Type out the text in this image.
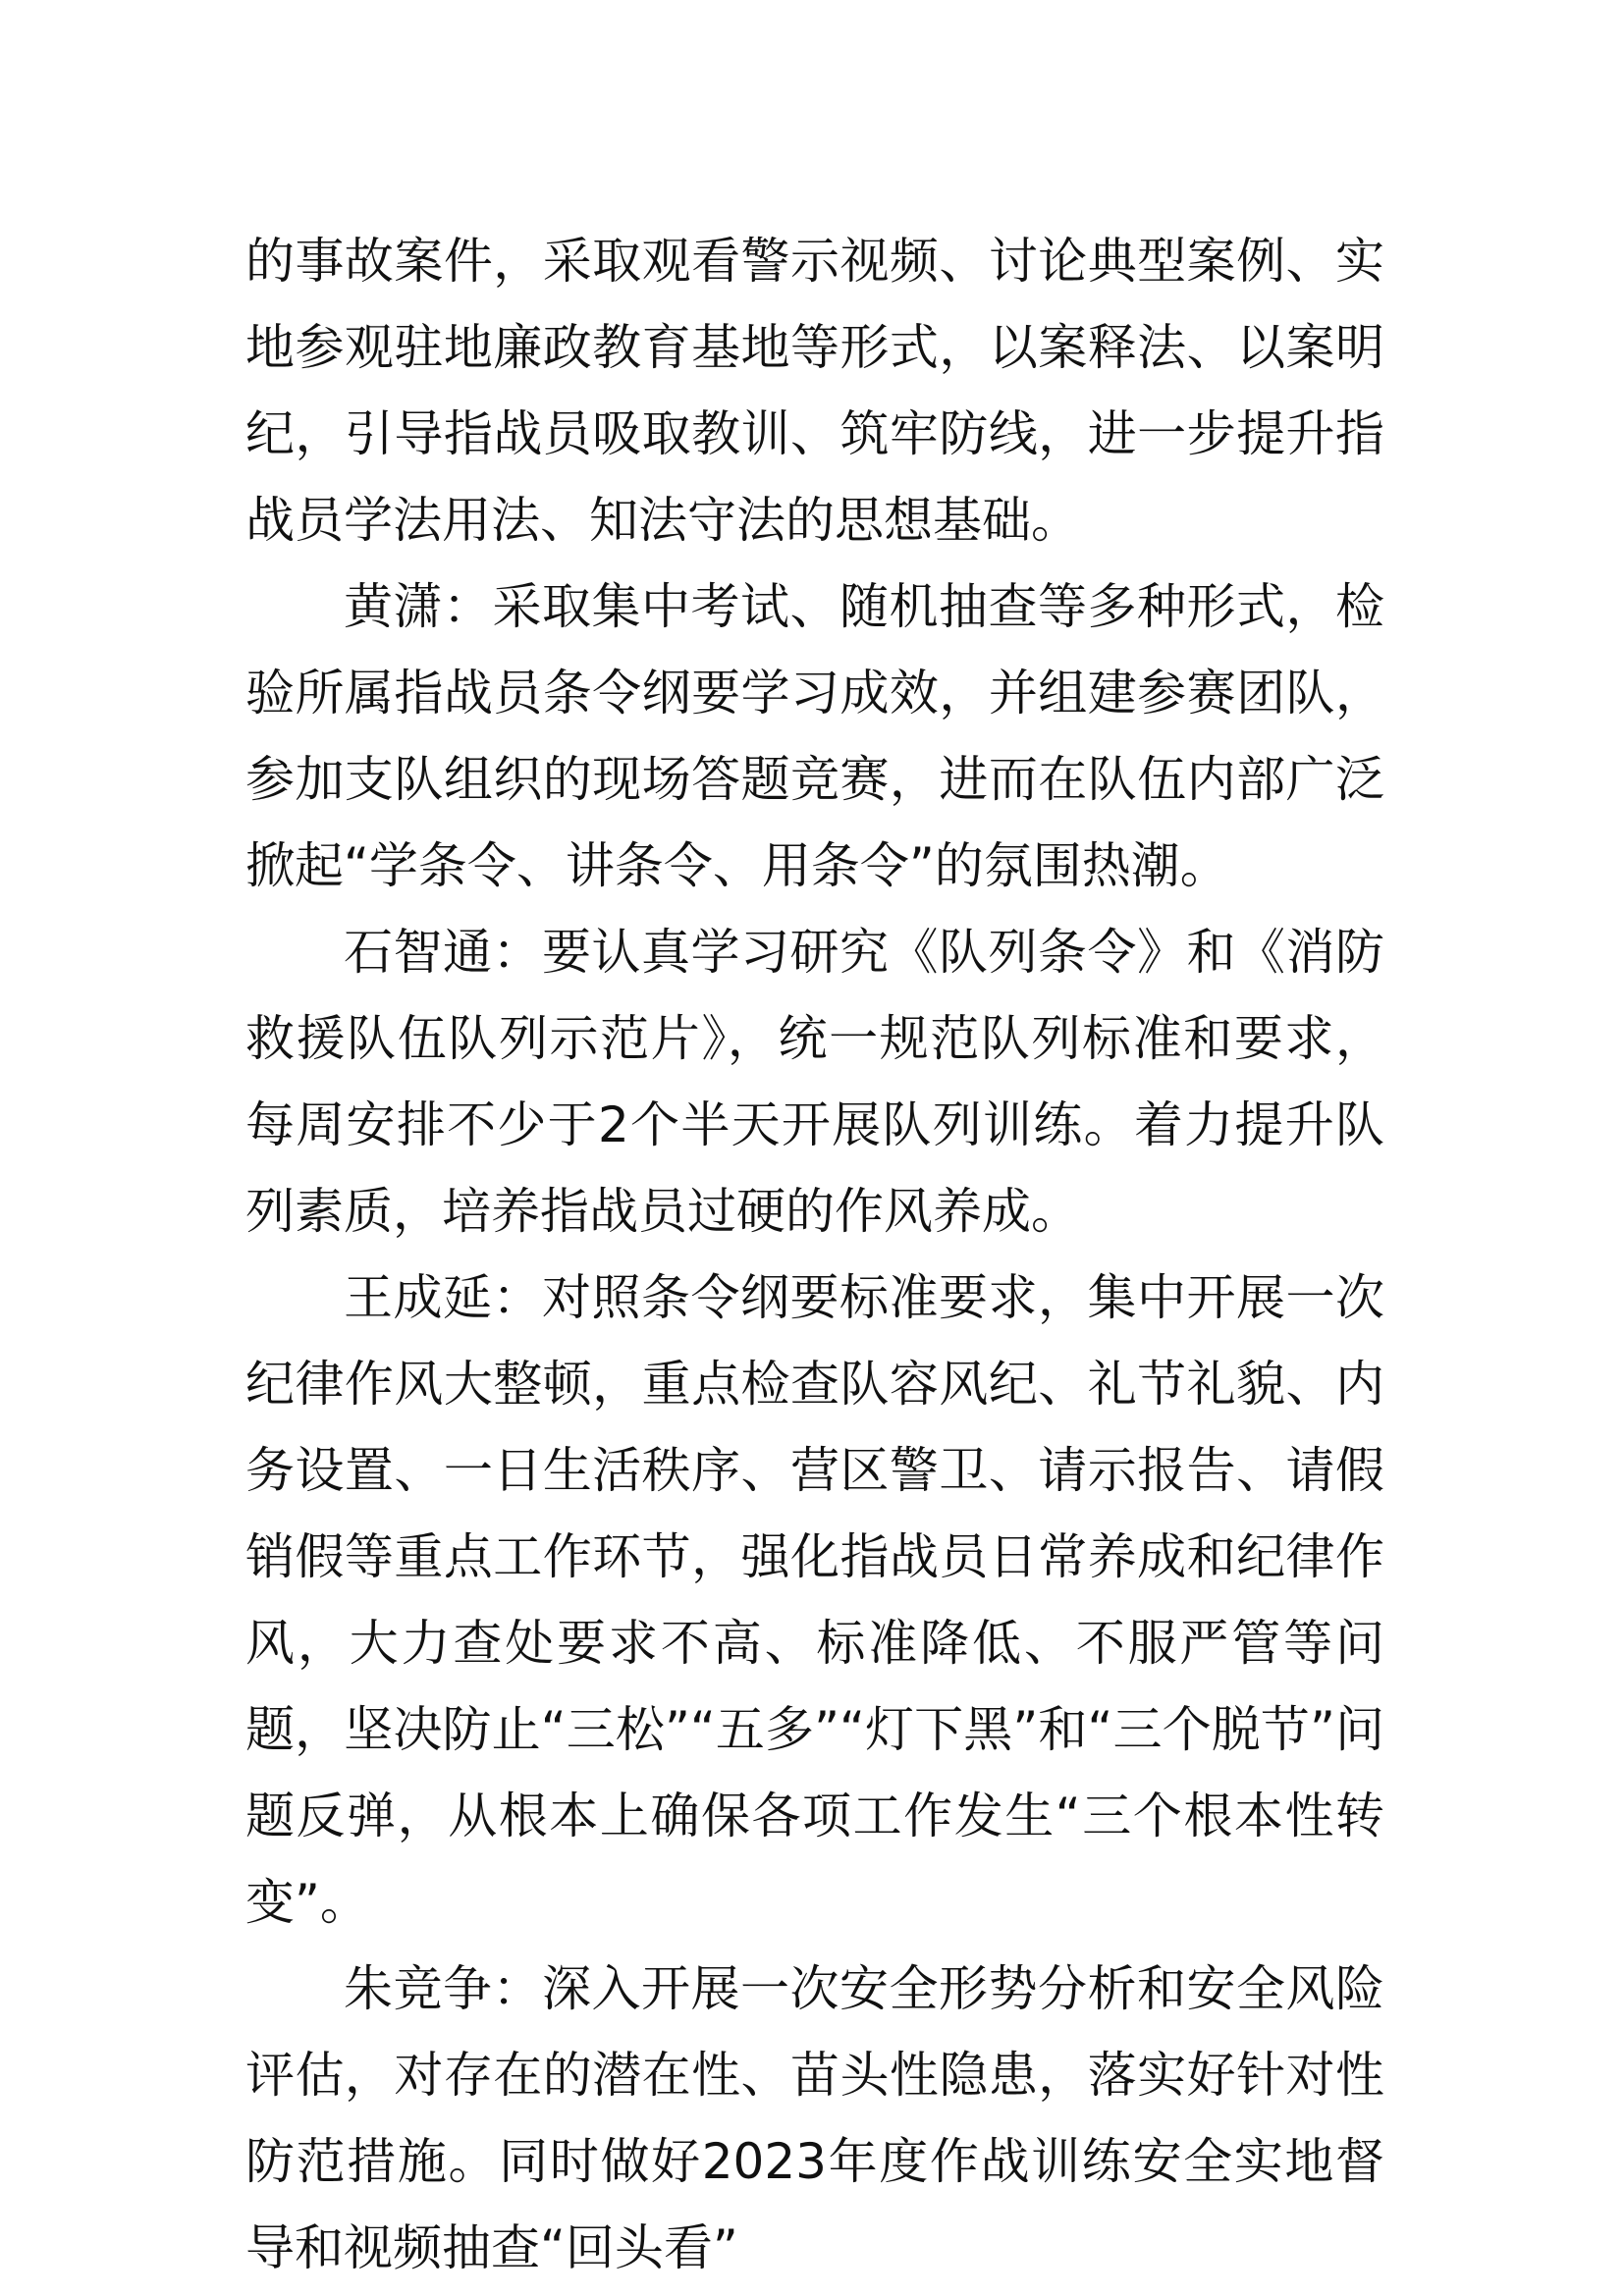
的事故案件，采取观看警示视频、讨论典型案例、实地参观驻地廉政教育基地等形式，以案释法、以案明纪，引导指战员吸取教训、筑牢防线，进一步提升指战员学法用法、知法守法的思想基础。

黄潇：采取集中考试、随机抽查等多种形式，检验所属指战员条令纲要学习成效，并组建参赛团队，参加支队组织的现场答题竞赛，进而在队伍内部广泛掀起“学条令、讲条令、用条令”的氛围热潮。

石智通：要认真学习研究《队列条令》和《消防救援队伍队列示范片》，统一规范队列标准和要求，每周安排不少于2个半天开展队列训练。着力提升队列素质，培养指战员过硬的作风养成。

王成延：对照条令纲要标准要求，集中开展一次纪律作风大整顿，重点检查队容风纪、礼节礼貌、内务设置、一日生活秩序、营区警卫、请示报告、请假销假等重点工作环节，强化指战员日常养成和纪律作风，大力查处要求不高、标准降低、不服严管等问题，坚决防止“三松”“五多”“灯下黑”和“三个脱节”问题反弹，从根本上确保各项工作发生“三个根本性转变”。

朱竞争：深入开展一次安全形势分析和安全风险评估，对存在的潜在性、苗头性隐患，落实好针对性防范措施。同时做好2023年度作战训练安全实地督导和视频抽查“回头看”
